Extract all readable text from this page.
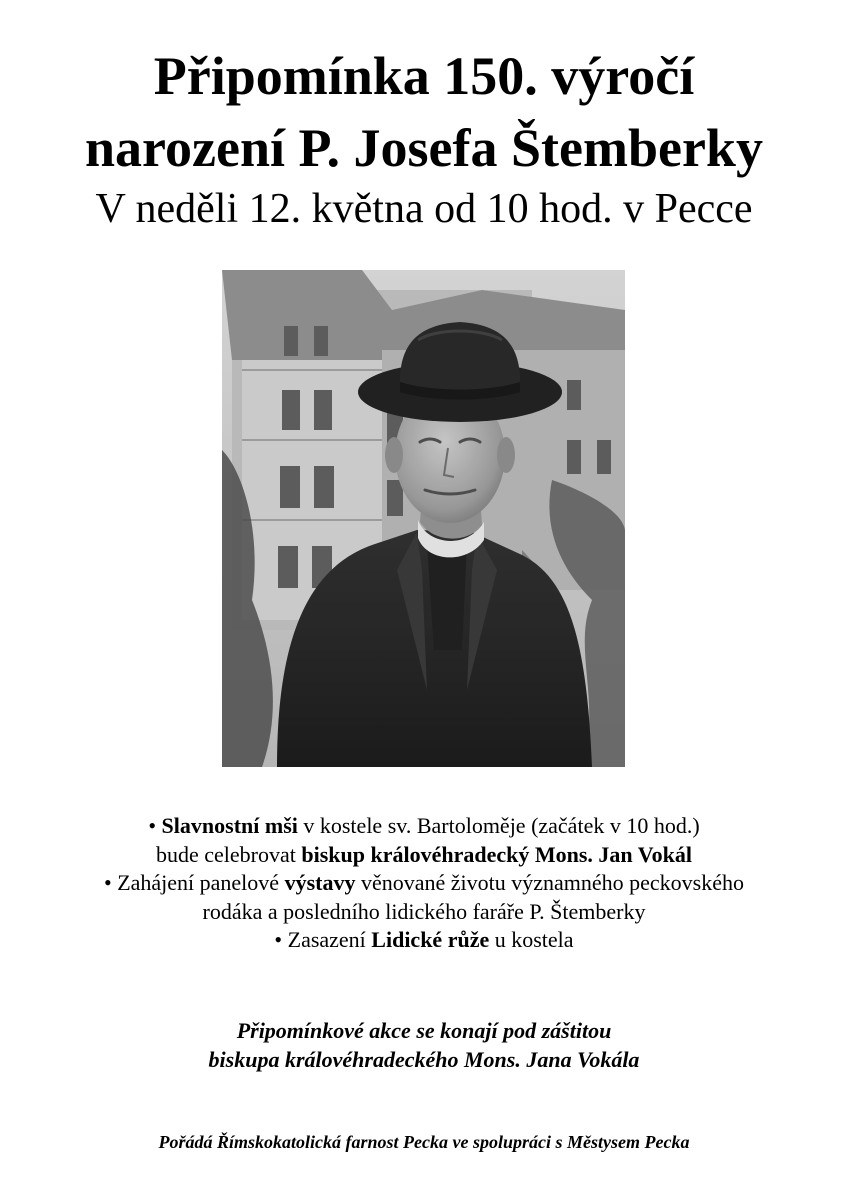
Připomínka 150. výročí
narození P. Josefa Štemberky
V neděli 12. května od 10 hod. v Pecce
• Slavnostní mši v kostele sv. Bartoloměje (začátek v 10 hod.)
bude celebrovat biskup královéhradecký Mons. Jan Vokál
• Zahájení panelové výstavy věnované životu významného peckovského
rodáka a posledního lidického faráře P. Štemberky
• Zasazení Lidické růže u kostela
Připomínkové akce se konají pod záštitou
biskupa královéhradeckého Mons. Jana Vokála
Pořádá Římskokatolická farnost Pecka ve spolupráci s Městysem Pecka
